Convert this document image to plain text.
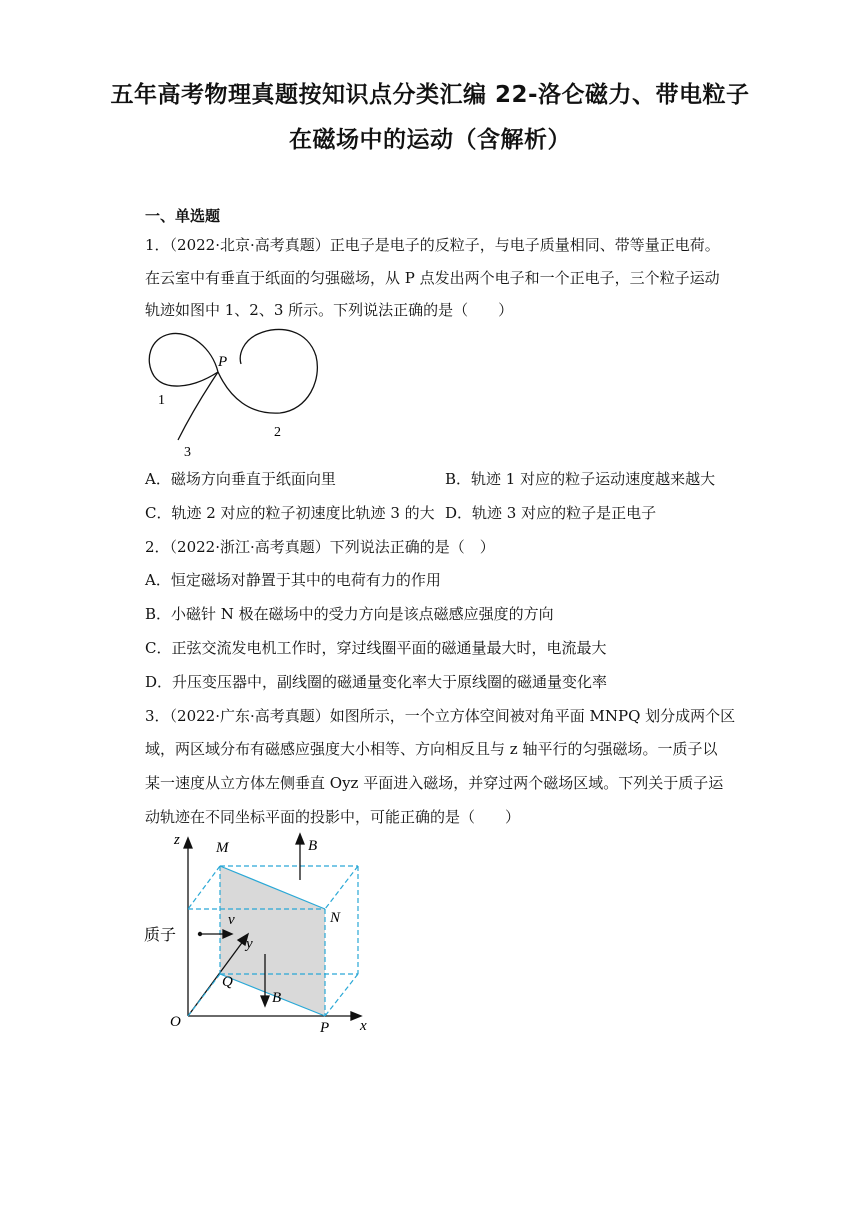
五年高考物理真题按知识点分类汇编 22-洛仑磁力、带电粒子
在磁场中的运动（含解析）
一、单选题
1．（2022·北京·高考真题）正电子是电子的反粒子，与电子质量相同、带等量正电荷。
在云室中有垂直于纸面的匀强磁场，从 P 点发出两个电子和一个正电子，三个粒子运动
轨迹如图中 1、2、3 所示。下列说法正确的是（　　）
P
1
2
3
A．磁场方向垂直于纸面向里	B．轨迹 1 对应的粒子运动速度越来越大
C．轨迹 2 对应的粒子初速度比轨迹 3 的大 D．轨迹 3 对应的粒子是正电子
2．（2022·浙江·高考真题）下列说法正确的是（　）
A．恒定磁场对静置于其中的电荷有力的作用
B．小磁针 N 极在磁场中的受力方向是该点磁感应强度的方向
C．正弦交流发电机工作时，穿过线圈平面的磁通量最大时，电流最大
D．升压变压器中，副线圈的磁通量变化率大于原线圈的磁通量变化率
3．（2022·广东·高考真题）如图所示，一个立方体空间被对角平面 MNPQ 划分成两个区
域，两区域分布有磁感应强度大小相等、方向相反且与 z 轴平行的匀强磁场。一质子以
某一速度从立方体左侧垂直 Oyz 平面进入磁场，并穿过两个磁场区域。下列关于质子运
动轨迹在不同坐标平面的投影中，可能正确的是（　　）
z M	B
N
质子
v
y
Q
B
O	P x
